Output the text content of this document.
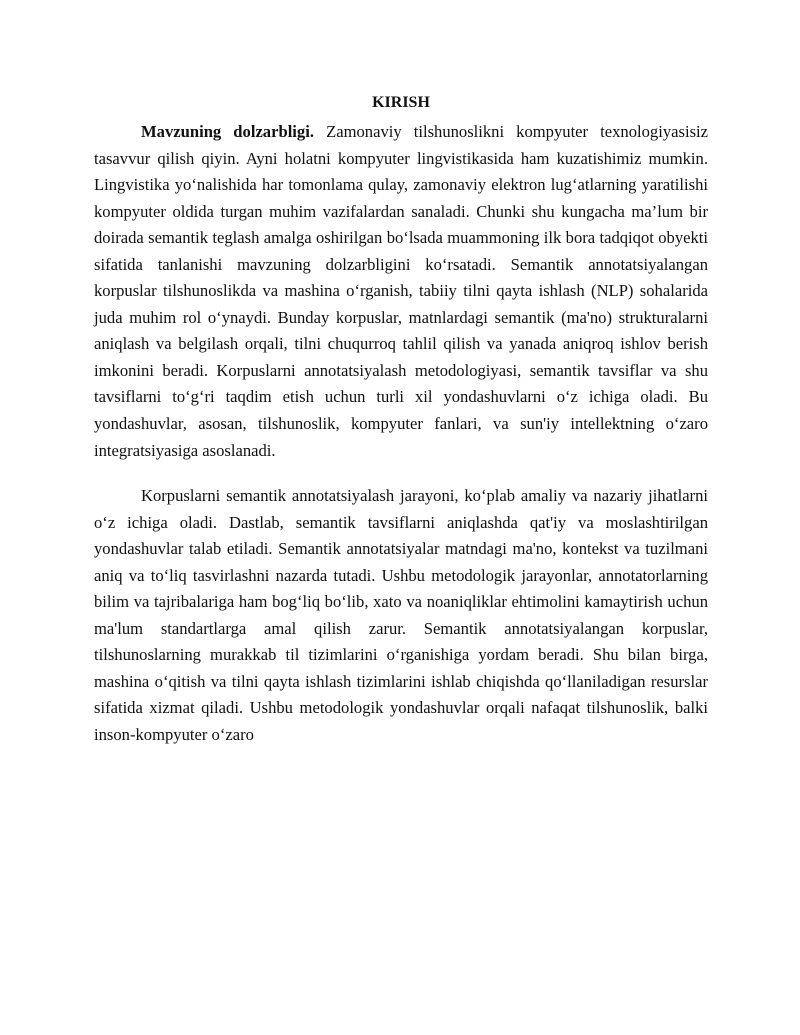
KIRISH

Mavzuning dolzarbligi. Zamonaviy tilshunoslikni kompyuter texnologiyasisiz tasavvur qilish qiyin. Ayni holatni kompyuter lingvistikasida ham kuzatishimiz mumkin. Lingvistika yo‘nalishida har tomonlama qulay, zamonaviy elektron lug‘atlarning yaratilishi kompyuter oldida turgan muhim vazifalardan sanaladi. Chunki shu kungacha ma’lum bir doirada semantik teglash amalga oshirilgan bo‘lsada muammoning ilk bora tadqiqot obyekti sifatida tanlanishi mavzuning dolzarbligini ko‘rsatadi. Semantik annotatsiyalangan korpuslar tilshunoslikda va mashina o‘rganish, tabiiy tilni qayta ishlash (NLP) sohalarida juda muhim rol o‘ynaydi. Bunday korpuslar, matnlardagi semantik (ma'no) strukturalarni aniqlash va belgilash orqali, tilni chuqurroq tahlil qilish va yanada aniqroq ishlov berish imkonini beradi. Korpuslarni annotatsiyalash metodologiyasi, semantik tavsiflar va shu tavsiflarni to‘g‘ri taqdim etish uchun turli xil yondashuvlarni o‘z ichiga oladi. Bu yondashuvlar, asosan, tilshunoslik, kompyuter fanlari, va sun'iy intellektning o‘zaro integratsiyasiga asoslanadi.

Korpuslarni semantik annotatsiyalash jarayoni, ko‘plab amaliy va nazariy jihatlarni o‘z ichiga oladi. Dastlab, semantik tavsiflarni aniqlashda qat'iy va moslashtirilgan yondashuvlar talab etiladi. Semantik annotatsiyalar matndagi ma'no, kontekst va tuzilmani aniq va to‘liq tasvirlashni nazarda tutadi. Ushbu metodologik jarayonlar, annotatorlarning bilim va tajribalariga ham bog‘liq bo‘lib, xato va noaniqliklar ehtimolini kamaytirish uchun ma'lum standartlarga amal qilish zarur. Semantik annotatsiyalangan korpuslar, tilshunoslarning murakkab til tizimlarini o‘rganishiga yordam beradi. Shu bilan birga, mashina o‘qitish va tilni qayta ishlash tizimlarini ishlab chiqishda qo‘llaniladigan resurslar sifatida xizmat qiladi. Ushbu metodologik yondashuvlar orqali nafaqat tilshunoslik, balki inson-kompyuter o‘zaro
